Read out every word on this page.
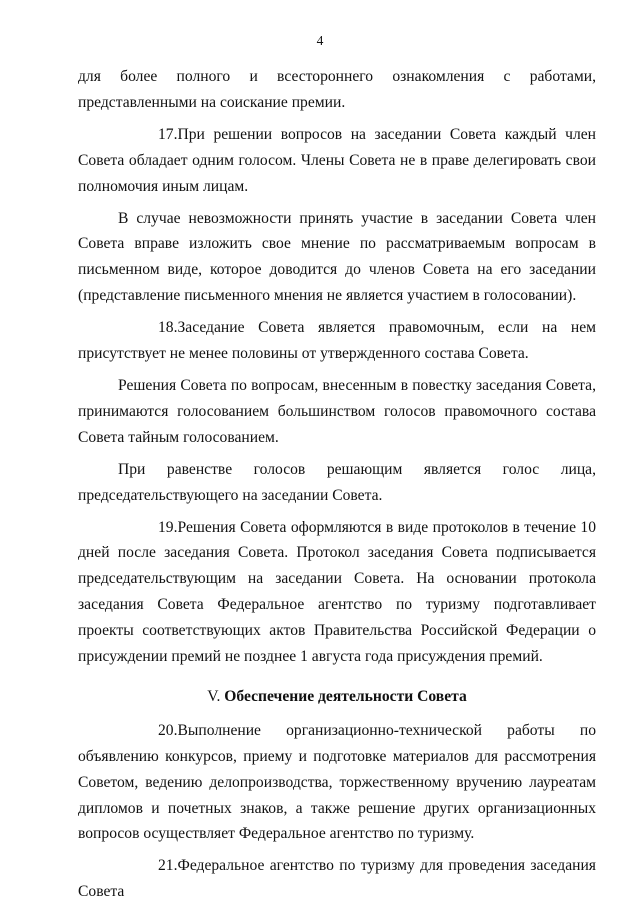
4

для более полного и всестороннего ознакомления с работами, представленными на соискание премии.

17.При решении вопросов на заседании Совета каждый член Совета обладает одним голосом. Члены Совета не в праве делегировать свои полномочия иным лицам.

В случае невозможности принять участие в заседании Совета член Совета вправе изложить свое мнение по рассматриваемым вопросам в письменном виде, которое доводится до членов Совета на его заседании (представление письменного мнения не является участием в голосовании).

18.Заседание Совета является правомочным, если на нем присутствует не менее половины от утвержденного состава Совета.

Решения Совета по вопросам, внесенным в повестку заседания Совета, принимаются голосованием большинством голосов правомочного состава Совета тайным голосованием.

При равенстве голосов решающим является голос лица, председательствующего на заседании Совета.

19.Решения Совета оформляются в виде протоколов в течение 10 дней после заседания Совета. Протокол заседания Совета подписывается председательствующим на заседании Совета. На основании протокола заседания Совета Федеральное агентство по туризму подготавливает проекты соответствующих актов Правительства Российской Федерации о присуждении премий не позднее 1 августа года присуждения премий.

V. Обеспечение деятельности Совета

20.Выполнение организационно-технической работы по объявлению конкурсов, приему и подготовке материалов для рассмотрения Советом, ведению делопроизводства, торжественному вручению лауреатам дипломов и почетных знаков, а также решение других организационных вопросов осуществляет Федеральное агентство по туризму.

21.Федеральное агентство по туризму для проведения заседания Совета
